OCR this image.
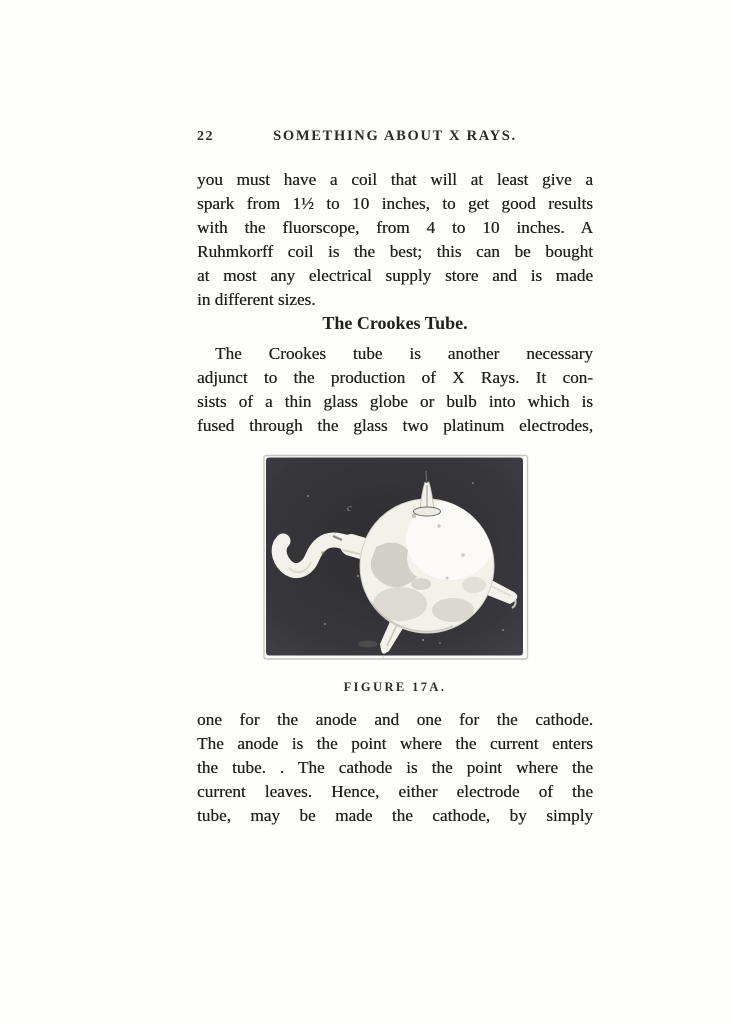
22	SOMETHING ABOUT X RAYS.
you must have a coil that will at least give a
spark from 1½ to 10 inches, to get good results
with the fluorscope, from 4 to 10 inches. A
Ruhmkorff coil is the best; this can be bought
at most any electrical supply store and is made
in different sizes.
The Crookes Tube.
The Crookes tube is another necessary
adjunct to the production of X Rays. It con-
sists of a thin glass globe or bulb into which is
fused through the glass two platinum electrodes,
c
FIGURE 17A.
one for the anode and one for the cathode.
The anode is the point where the current enters
the tube. . The cathode is the point where the
current leaves. Hence, either electrode of the
tube, may be made the cathode, by simply
